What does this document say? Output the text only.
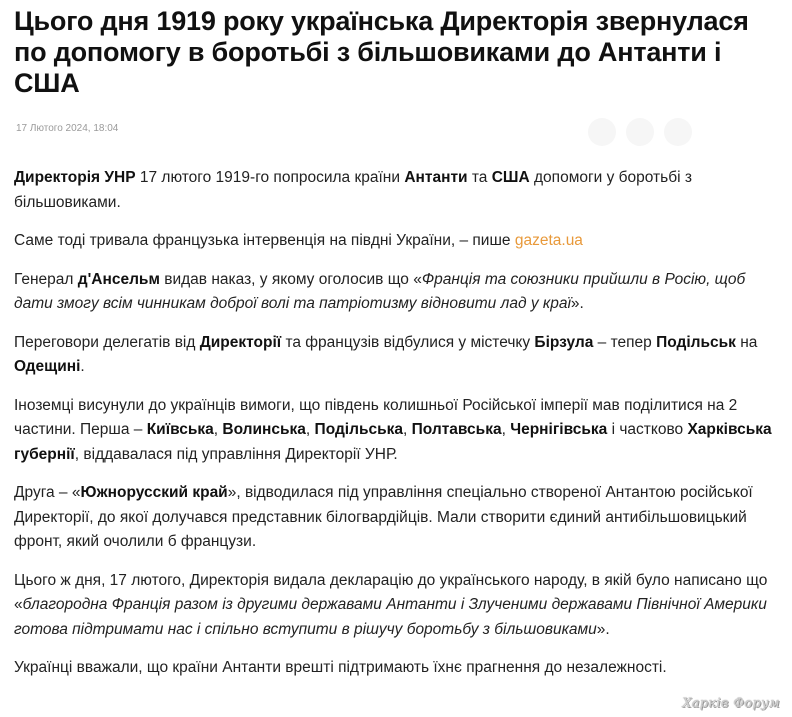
Цього дня 1919 року українська Директорія звернулася по допомогу в боротьбі з більшовиками до Антанти і США
17 Лютого 2024, 18:04

Директорія УНР 17 лютого 1919-го попросила країни Антанти та США допомоги у боротьбі з більшовиками.

Саме тоді тривала французька інтервенція на півдні України, – пише gazeta.ua

Генерал д'Ансельм видав наказ, у якому оголосив що «Франція та союзники прийшли в Росію, щоб дати змогу всім чинникам доброї волі та патріотизму відновити лад у краї».

Переговори делегатів від Директорії та французів відбулися у містечку Бірзула – тепер Подільськ на Одещині.

Іноземці висунули до українців вимоги, що південь колишньої Російської імперії мав поділитися на 2 частини. Перша – Київська, Волинська, Подільська, Полтавська, Чернігівська і частково Харківська губернії, віддавалася під управління Директорії УНР.

Друга – «Южнорусский край», відводилася під управління спеціально створеної Антантою російської Директорії, до якої долучався представник білогвардійців. Мали створити єдиний антибільшовицький фронт, який очолили б французи.

Цього ж дня, 17 лютого, Директорія видала декларацію до українського народу, в якій було написано що «благородна Франція разом із другими державами Антанти і Злученими державами Північної Америки готова підтримати нас і спільно вступити в рішучу боротьбу з більшовиками».

Українці вважали, що країни Антанти врешті підтримають їхнє прагнення до незалежності.

Харків Форум
